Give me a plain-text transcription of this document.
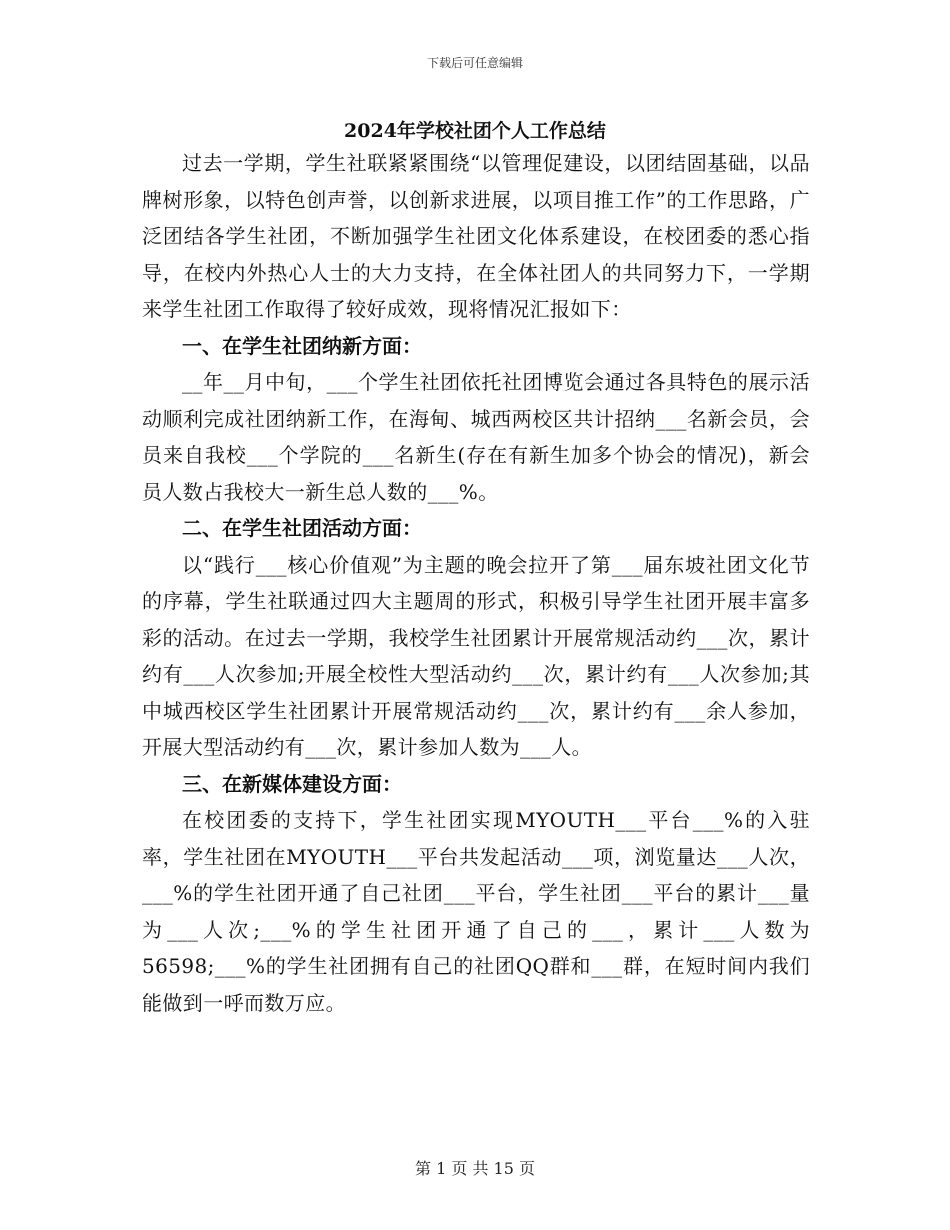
下载后可任意编辑
2024年学校社团个人工作总结

过去一学期，学生社联紧紧围绕“以管理促建设，以团结固基础，以品牌树形象，以特色创声誉，以创新求进展，以项目推工作”的工作思路，广泛团结各学生社团，不断加强学生社团文化体系建设，在校团委的悉心指导，在校内外热心人士的大力支持，在全体社团人的共同努力下，一学期来学生社团工作取得了较好成效，现将情况汇报如下：

一、在学生社团纳新方面：

__年__月中旬，___个学生社团依托社团博览会通过各具特色的展示活动顺利完成社团纳新工作，在海甸、城西两校区共计招纳___名新会员，会员来自我校___个学院的___名新生(存在有新生加多个协会的情况)，新会员人数占我校大一新生总人数的___%。

二、在学生社团活动方面：

以“践行___核心价值观”为主题的晚会拉开了第___届东坡社团文化节的序幕，学生社联通过四大主题周的形式，积极引导学生社团开展丰富多彩的活动。在过去一学期，我校学生社团累计开展常规活动约___次，累计约有___人次参加;开展全校性大型活动约___次，累计约有___人次参加;其中城西校区学生社团累计开展常规活动约___次，累计约有___余人参加，开展大型活动约有___次，累计参加人数为___人。

三、在新媒体建设方面：

在校团委的支持下，学生社团实现MYOUTH___平台___%的入驻率，学生社团在MYOUTH___平台共发起活动___项，浏览量达___人次，___%的学生社团开通了自己社团___平台，学生社团___平台的累计___量为___人次;___%的学生社团开通了自己的___，累计___人数为56598;___%的学生社团拥有自己的社团QQ群和___群，在短时间内我们能做到一呼而数万应。

第 1 页 共 15 页
